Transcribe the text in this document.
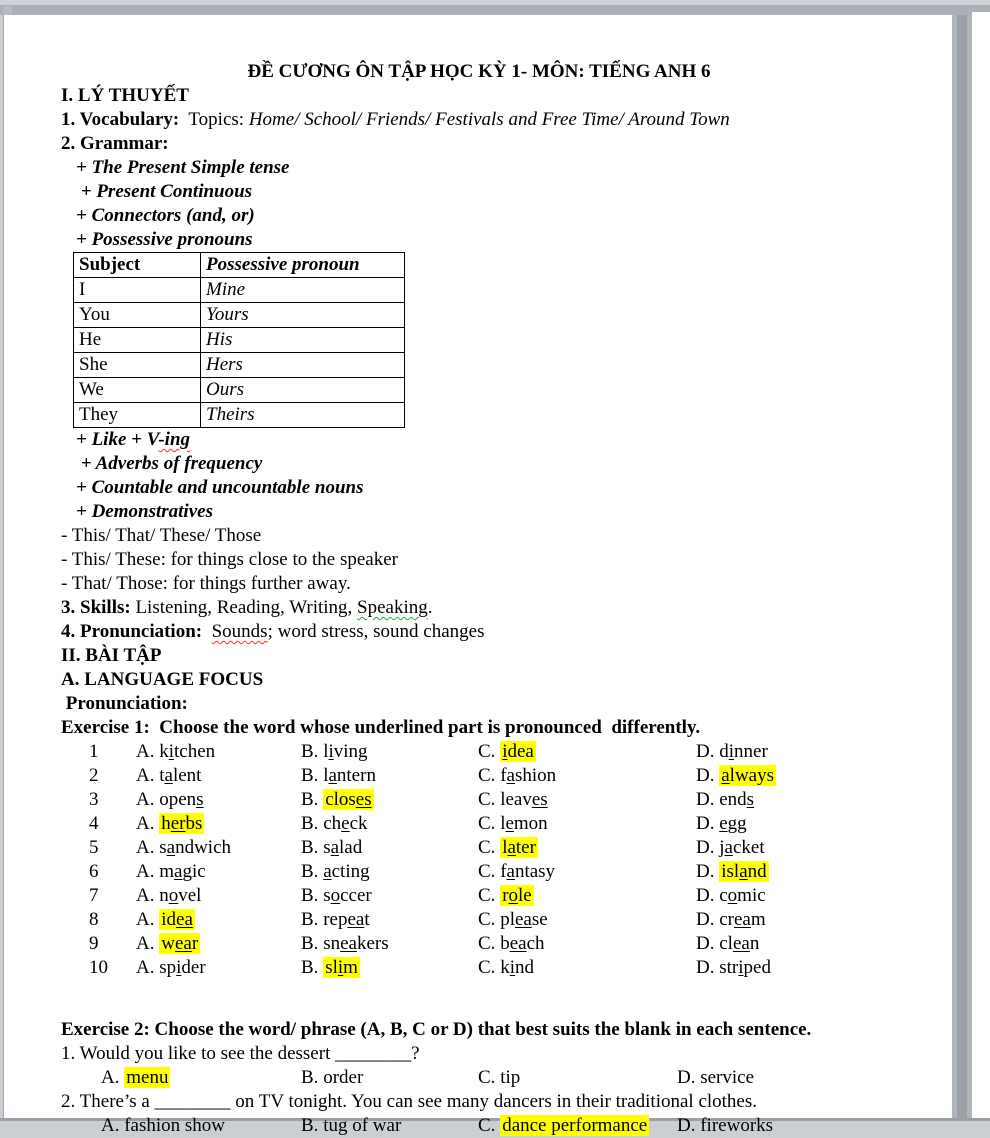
ĐỀ CƯƠNG ÔN TẬP HỌC KỲ 1- MÔN: TIẾNG ANH 6
I. LÝ THUYẾT
1. Vocabulary:  Topics: Home/ School/ Friends/ Festivals and Free Time/ Around Town
2. Grammar:
+ The Present Simple tense
+ Present Continuous
+ Connectors (and, or)
+ Possessive pronouns
Subject	Possessive pronoun
I	Mine
You	Yours
He	His
She	Hers
We	Ours
They	Theirs
+ Like + V-ing
+ Adverbs of frequency
+ Countable and uncountable nouns
+ Demonstratives
- This/ That/ These/ Those
- This/ These: for things close to the speaker
- That/ Those: for things further away.
3. Skills: Listening, Reading, Writing, Speaking.
4. Pronunciation: Sounds; word stress, sound changes
II. BÀI TẬP
A. LANGUAGE FOCUS
Pronunciation:
Exercise 1:  Choose the word whose underlined part is pronounced  differently.
1	A. kitchen	B. living	C. idea	D. dinner
2	A. talent	B. lantern	C. fashion	D. always
3	A. opens	B. closes	C. leaves	D. ends
4	A. herbs	B. check	C. lemon	D. egg
5	A. sandwich	B. salad	C. later	D. jacket
6	A. magic	B. acting	C. fantasy	D. island
7	A. novel	B. soccer	C. role	D. comic
8	A. idea	B. repeat	C. please	D. cream
9	A. wear	B. sneakers	C. beach	D. clean
10	A. spider	B. slim	C. kind	D. striped
Exercise 2: Choose the word/ phrase (A, B, C or D) that best suits the blank in each sentence.
1. Would you like to see the dessert ________?
A. menu	B. order	C. tip	D. service
2. There’s a ________ on TV tonight. You can see many dancers in their traditional clothes.
A. fashion show	B. tug of war	C. dance performance	D. fireworks
